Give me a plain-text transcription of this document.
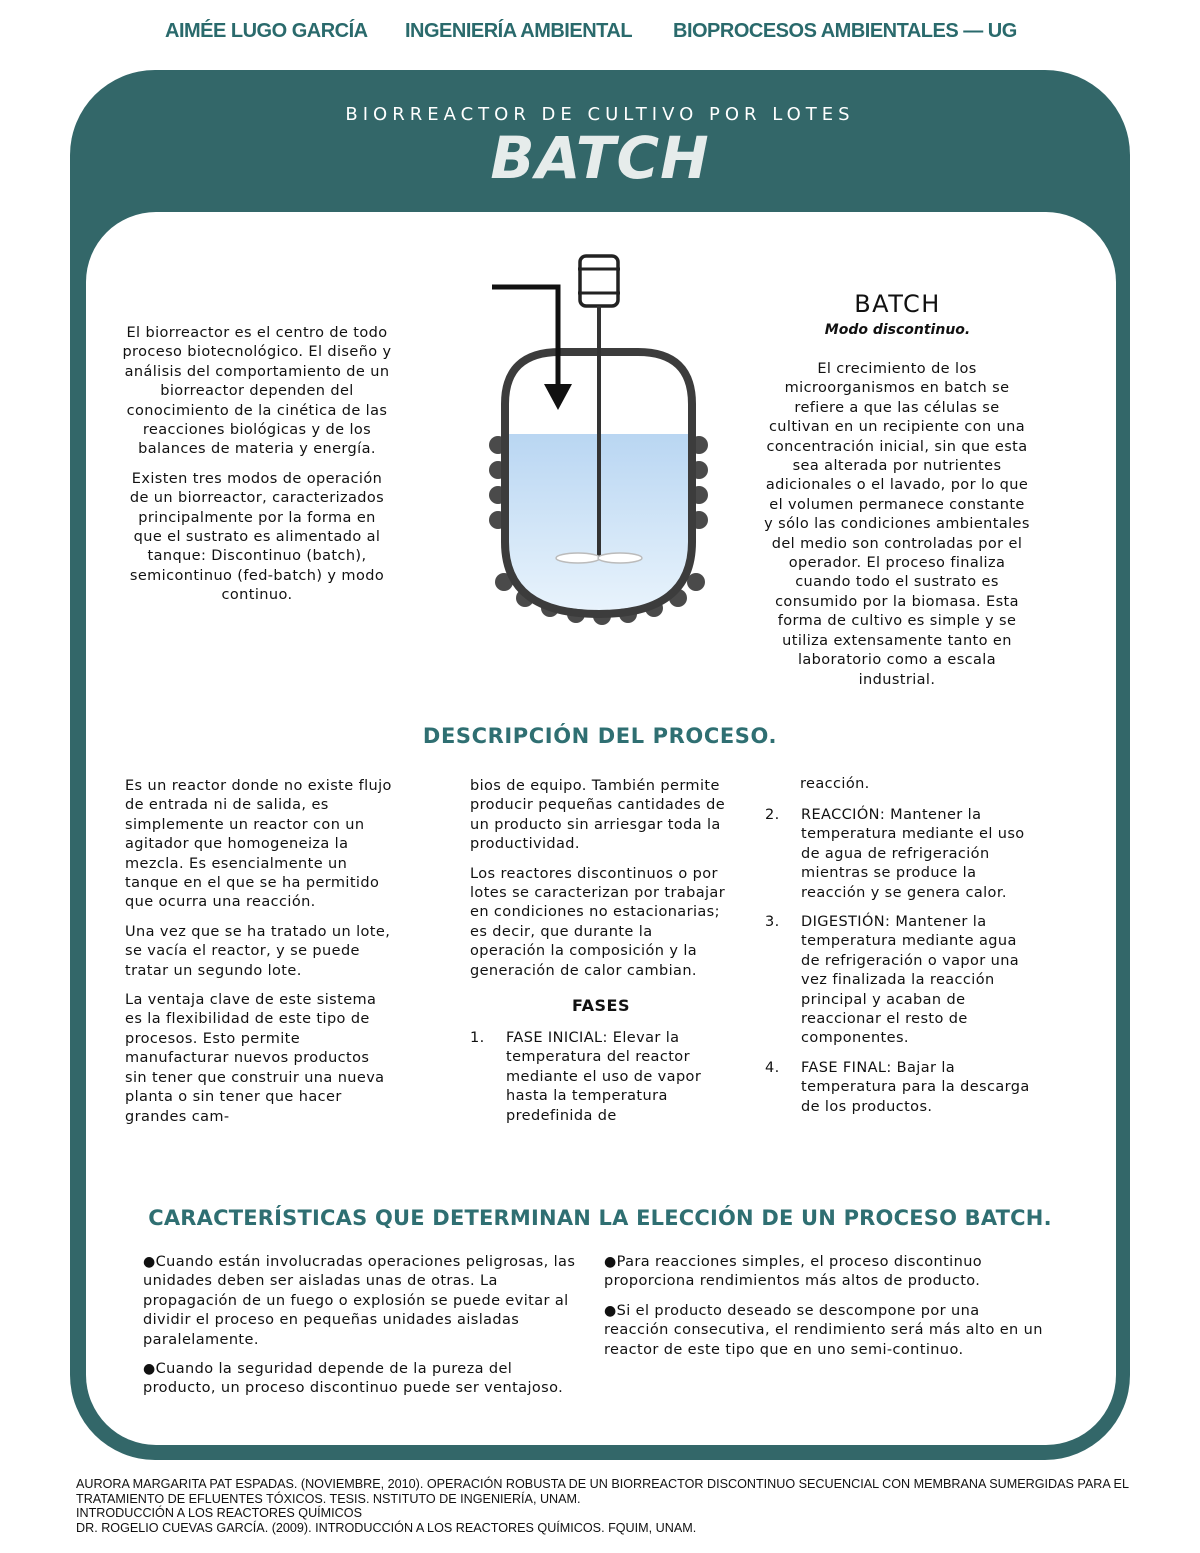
AIMÉE LUGO GARCÍA INGENIERÍA AMBIENTAL BIOPROCESOS AMBIENTALES — UG
BIORREACTOR DE CULTIVO POR LOTES
BATCH

El biorreactor es el centro de todo proceso biotecnológico. El diseño y análisis del comportamiento de un biorreactor dependen del conocimiento de la cinética de las reacciones biológicas y de los balances de materia y energía.

Existen tres modos de operación de un biorreactor, caracterizados principalmente por la forma en que el sustrato es alimentado al tanque: Discontinuo (batch), semicontinuo (fed-batch) y modo continuo.

BATCH
Modo discontinuo.
El crecimiento de los microorganismos en batch se refiere a que las células se cultivan en un recipiente con una concentración inicial, sin que esta sea alterada por nutrientes adicionales o el lavado, por lo que el volumen permanece constante y sólo las condiciones ambientales del medio son controladas por el operador. El proceso finaliza cuando todo el sustrato es consumido por la biomasa. Esta forma de cultivo es simple y se utiliza extensamente tanto en laboratorio como a escala industrial.
DESCRIPCIÓN DEL PROCESO.

Es un reactor donde no existe flujo de entrada ni de salida, es simplemente un reactor con un agitador que homogeneiza la mezcla. Es esencialmente un tanque en el que se ha permitido que ocurra una reacción.

Una vez que se ha tratado un lote, se vacía el reactor, y se puede tratar un segundo lote.

La ventaja clave de este sistema es la flexibilidad de este tipo de procesos. Esto permite manufacturar nuevos productos sin tener que construir una nueva planta o sin tener que hacer grandes cam-

bios de equipo. También permite producir pequeñas cantidades de un producto sin arriesgar toda la productividad.

Los reactores discontinuos o por lotes se caracterizan por trabajar en condiciones no estacionarias; es decir, que durante la operación la composición y la generación de calor cambian.

FASES
1. FASE INICIAL: Elevar la temperatura del reactor mediante el uso de vapor hasta la temperatura predefinida de
reacción.
2. REACCIÓN: Mantener la temperatura mediante el uso de agua de refrigeración mientras se produce la reacción y se genera calor.
3. DIGESTIÓN: Mantener la temperatura mediante agua de refrigeración o vapor una vez finalizada la reacción principal y acaban de reaccionar el resto de componentes.
4. FASE FINAL: Bajar la temperatura para la descarga de los productos.
CARACTERÍSTICAS QUE DETERMINAN LA ELECCIÓN DE UN PROCESO BATCH.

●Cuando están involucradas operaciones peligrosas, las unidades deben ser aisladas unas de otras. La propagación de un fuego o explosión se puede evitar al dividir el proceso en pequeñas unidades aisladas paralelamente.

●Cuando la seguridad depende de la pureza del producto, un proceso discontinuo puede ser ventajoso.

●Para reacciones simples, el proceso discontinuo proporciona rendimientos más altos de producto.

●Si el producto deseado se descompone por una reacción consecutiva, el rendimiento será más alto en un reactor de este tipo que en uno semi-continuo.

AURORA MARGARITA PAT ESPADAS. (NOVIEMBRE, 2010). OPERACIÓN ROBUSTA DE UN BIORREACTOR DISCONTINUO SECUENCIAL CON MEMBRANA SUMERGIDAS PARA EL TRATAMIENTO DE EFLUENTES TÓXICOS. TESIS. NSTITUTO DE INGENIERÍA, UNAM.
INTRODUCCIÓN A LOS REACTORES QUÍMICOS
DR. ROGELIO CUEVAS GARCÍA. (2009). INTRODUCCIÓN A LOS REACTORES QUÍMICOS. FQUIM, UNAM.
